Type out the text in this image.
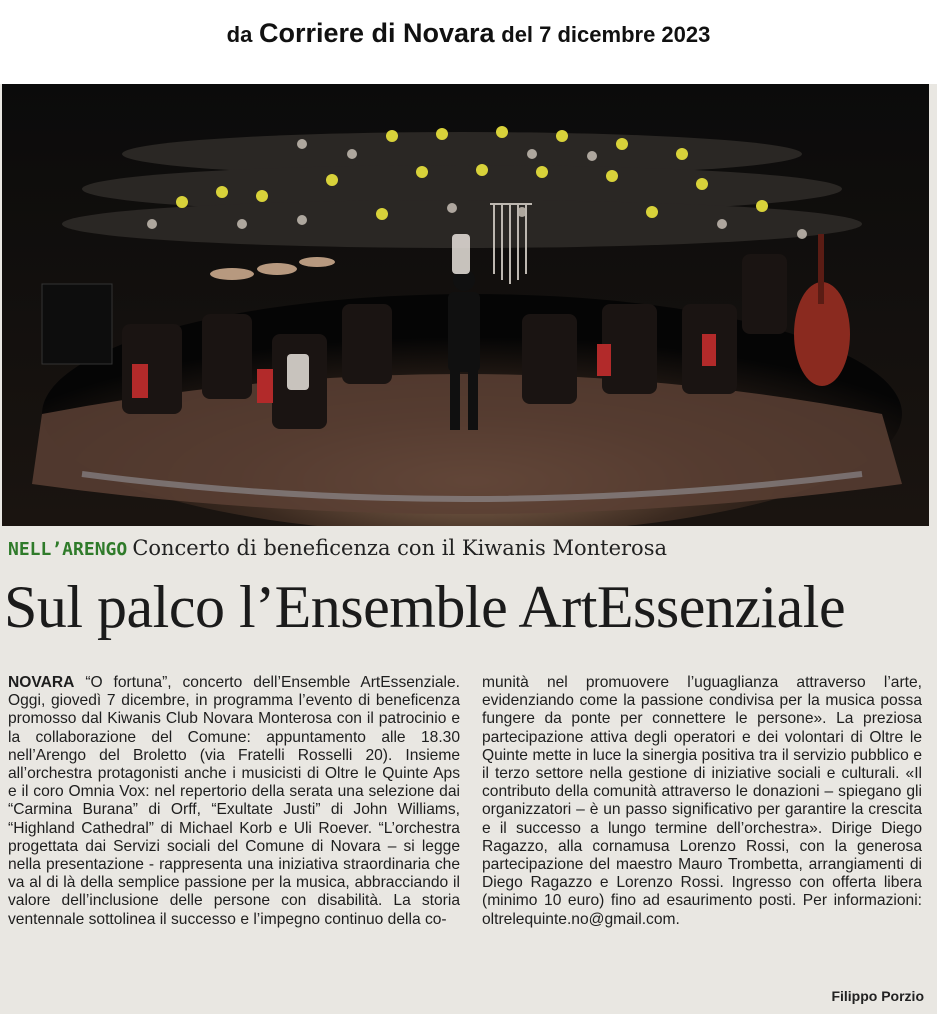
da Corriere di Novara del 7 dicembre 2023
NELL’ARENGO Concerto di beneficenza con il Kiwanis Monterosa
Sul palco l’Ensemble ArtEssenziale

NOVARA “O fortuna”, concerto dell’Ensemble ArtEssenziale. Oggi, giovedì 7 dicembre, in programma l’evento di beneficenza promosso dal Kiwanis Club Novara Monterosa con il patrocinio e la collaborazione del Comune: appuntamento alle 18.30 nell’Arengo del Broletto (via Fratelli Rosselli 20). Insieme all’orchestra protagonisti anche i musicisti di Oltre le Quinte Aps e il coro Omnia Vox: nel repertorio della serata una selezione dai “Carmina Burana” di Orff, “Exultate Justi” di John Williams, “Highland Cathedral” di Michael Korb e Uli Roever. “L’orchestra progettata dai Servizi sociali del Comune di Novara – si legge nella presentazione - rappresenta una iniziativa straordinaria che va al di là della semplice passione per la musica, abbracciando il valore dell’inclusione delle persone con disabilità. La storia ventennale sottolinea il successo e l’impegno continuo della co-

munità nel promuovere l’uguaglianza attraverso l’arte, evidenziando come la passione condivisa per la musica possa fungere da ponte per connettere le persone». La preziosa partecipazione attiva degli operatori e dei volontari di Oltre le Quinte mette in luce la sinergia positiva tra il servizio pubblico e il terzo settore nella gestione di iniziative sociali e culturali. «Il contributo della comunità attraverso le donazioni – spiegano gli organizzatori – è un passo significativo per garantire la crescita e il successo a lungo termine dell’orchestra». Dirige Diego Ragazzo, alla cornamusa Lorenzo Rossi, con la generosa partecipazione del maestro Mauro Trombetta, arrangiamenti di Diego Ragazzo e Lorenzo Rossi. Ingresso con offerta libera (minimo 10 euro) fino ad esaurimento posti. Per informazioni: oltrelequinte.no@gmail.com.

Filippo Porzio
